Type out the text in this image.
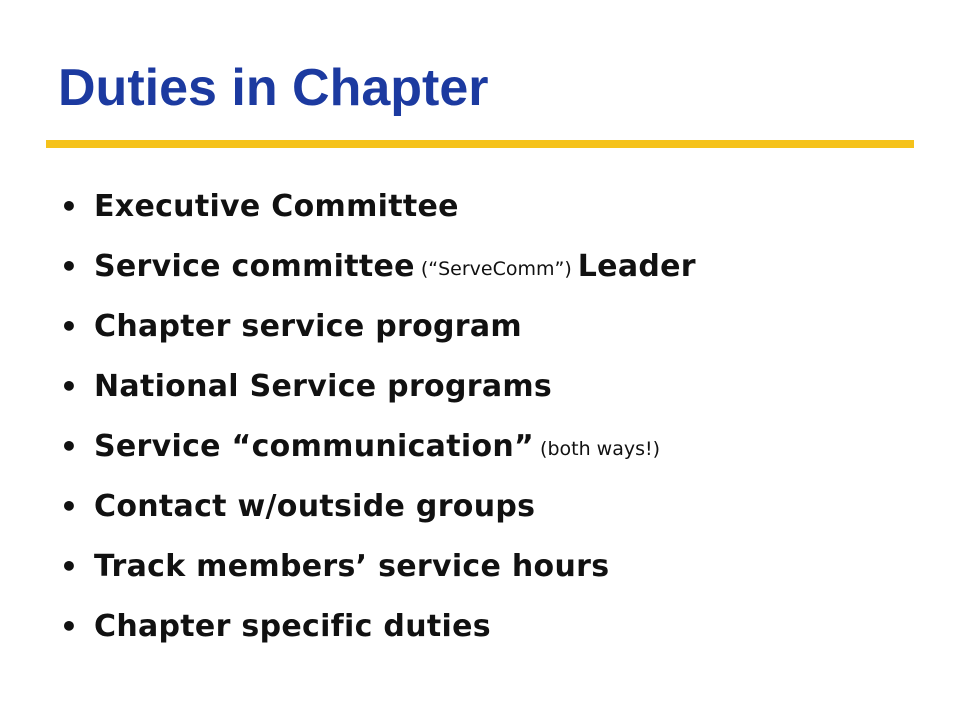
Duties in Chapter
• Executive Committee
• Service committee (“ServeComm”) Leader
• Chapter service program
• National Service programs
• Service “communication” (both ways!)
• Contact w/outside groups
• Track members’ service hours
• Chapter specific duties
